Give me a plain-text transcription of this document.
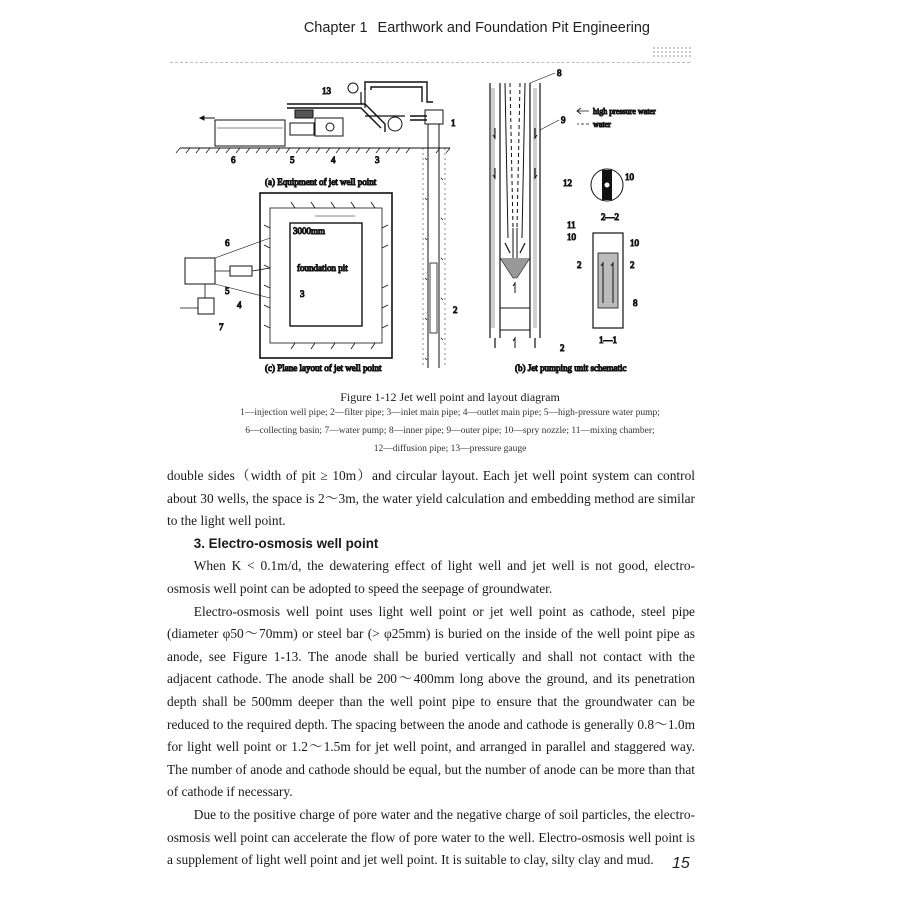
Chapter 1 Earthwork and Foundation Pit Engineering
13
1
3
4
5
6
2
(a) Equipment of jet well point
3000mm
foundation pit
6
5
4
3
7
(c) Plane layout of jet well point
8
9
12
11
10
2
high pressure water
water
10
2—2
10
2	2
8
1—1
(b) Jet pumping unit schematic
Figure 1-12 Jet well point and layout diagram
1—injection well pipe; 2—filter pipe; 3—inlet main pipe; 4—outlet main pipe; 5—high-pressure water pump;
6—collecting basin; 7—water pump; 8—inner pipe; 9—outer pipe; 10—spry nozzle; 11—mixing chamber;
12—diffusion pipe; 13—pressure gauge

double sides（width of pit ≥ 10m）and circular layout. Each jet well point system can control about 30 wells, the space is 2～3m, the water yield calculation and embedding method are similar to the light well point.

3. Electro-osmosis well point

When K < 0.1m/d, the dewatering effect of light well and jet well is not good, electro-osmosis well point can be adopted to speed the seepage of groundwater.

Electro-osmosis well point uses light well point or jet well point as cathode, steel pipe (diameter φ50～70mm) or steel bar (> φ25mm) is buried on the inside of the well point pipe as anode, see Figure 1-13. The anode shall be buried vertically and shall not contact with the adjacent cathode. The anode shall be 200～400mm long above the ground, and its penetration depth shall be 500mm deeper than the well point pipe to ensure that the groundwater can be reduced to the required depth. The spacing between the anode and cathode is generally 0.8～1.0m for light well point or 1.2～1.5m for jet well point, and arranged in parallel and staggered way. The number of anode and cathode should be equal, but the number of anode can be more than that of cathode if necessary.

Due to the positive charge of pore water and the negative charge of soil particles, the electro-osmosis well point can accelerate the flow of pore water to the well. Electro-osmosis well point is a supplement of light well point and jet well point. It is suitable to clay, silty clay and mud.	15
